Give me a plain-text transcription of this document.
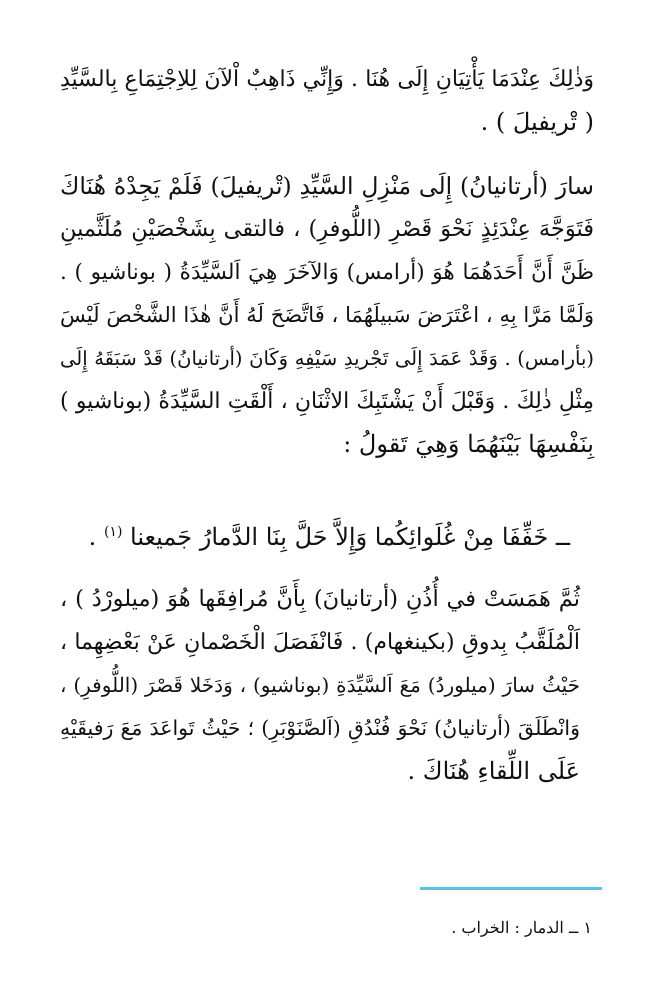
وَذٰلِكَ عِنْدَمَا يَأْتِيَانِ إِلَى هُنَا . وَإِنِّي ذَاهِبٌ اْلآنَ لِلاِجْتِمَاعِ بِالسَّيِّدِ
( تْريفيلَ ) .

سارَ (أرتانيانُ) إِلَى مَنْزِلِ السَّيِّدِ (تْريفيلَ) فَلَمْ يَجِدْهُ هُنَاكَ
فَتَوَجَّهَ عِنْدَئِذٍ نَحْوَ قَصْرِ (اللُّوفرِ) ، فالتقى بِشَخْصَيْنِ مُلَثَّمينِ
ظَنَّ أَنَّ أَحَدَهُمَا هُوَ (أرامس) وَالآخَرَ هِيَ اَلسَّيِّدَةُ ( بوناشيو ) .
وَلَمَّا مَرَّا بِهِ ، اعْتَرَضَ سَبيلَهُمَا ، فَاتَّضَحَ لَهُ أَنَّ هٰذَا الشَّخْصَ لَيْسَ
(بأرامس) . وَقَدْ عَمَدَ إِلَى تَجْريدِ سَيْفِهِ وَكَانَ (أرتانيانُ) قَدْ سَبَقَهُ إِلَى
مِثْلِ ذٰلِكَ . وَقَبْلَ أَنْ يَشْتَبِكَ الاثْنَانِ ، أَلْقَتِ السَّيِّدَةُ (بوناشيو )
بِنَفْسِهَا بَيْنَهُمَا وَهِيَ تَقولُ :

ــ خَفِّفَا مِنْ غُلَوائِكُما وَإِلاَّ حَلَّ بِنَا الدَّمارُ جَميعنا $^{(١)}$ .

ثُمَّ هَمَسَتْ في أُذُنِ (أرتانيانَ) بِأَنَّ مُرافِقَها هُوَ (ميلورْدُ ) ،
اَلْمُلَقَّبُ بِدوقِ (بكينغهام) . فَانْفَصَلَ الْخَصْمانِ عَنْ بَعْضِهِما ،
حَيْثُ سارَ (ميلوردُ) مَعَ اَلسَّيِّدَةِ (بوناشيو) ، وَدَخَلا قَصْرَ (اللُّوفرِ) ،
وَانْطَلَقَ (أرتانيانُ) نَحْوَ فُنْدُقِ (اَلصَّنَوْبَرِ) ؛ حَيْثُ تَواعَدَ مَعَ رَفيقَيْهِ
عَلَى اللِّقاءِ هُنَاكَ .

١ ــ الدمار : الخراب .
